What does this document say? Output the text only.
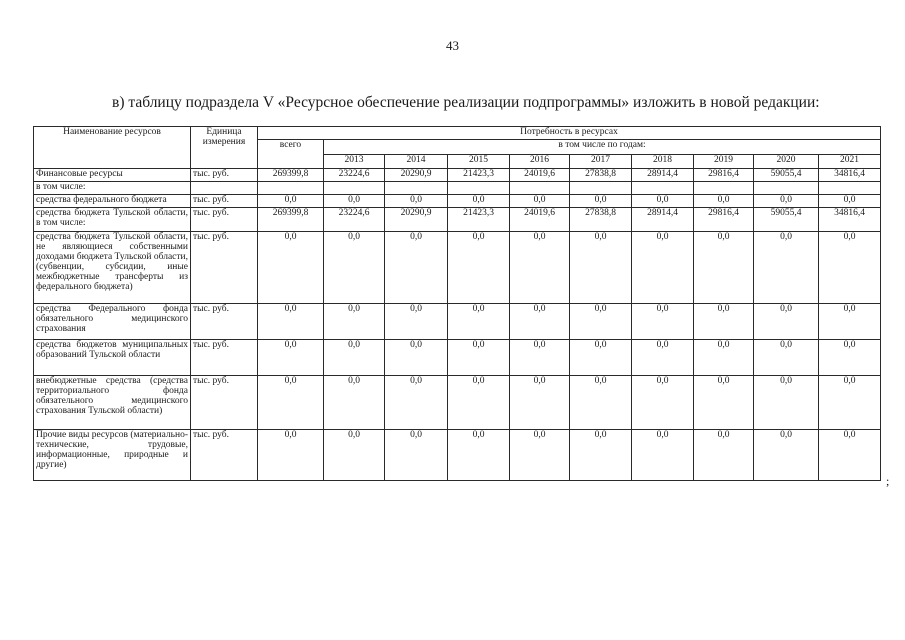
43
в) таблицу подраздела V «Ресурсное обеспечение реализации подпрограммы» изложить в новой редакции:
Наименование ресурсов	Единица измерения	Потребность в ресурсах									
		всего	в том числе по годам:								
			2013	2014	2015	2016	2017	2018	2019	2020	2021
Финансовые ресурсы	тыс. руб.	269399,8	23224,6	20290,9	21423,3	24019,6	27838,8	28914,4	29816,4	59055,4	34816,4
в том числе:											
средства федерального бюджета	тыс. руб.	0,0	0,0	0,0	0,0	0,0	0,0	0,0	0,0	0,0	0,0
средства бюджета Тульской области, в том числе:	тыс. руб.	269399,8	23224,6	20290,9	21423,3	24019,6	27838,8	28914,4	29816,4	59055,4	34816,4
средства бюджета Тульской области, не являющиеся собственными доходами бюджета Тульской области, (субвенции, субсидии, иные межбюджетные трансферты из федерального бюджета)	тыс. руб.	0,0	0,0	0,0	0,0	0,0	0,0	0,0	0,0	0,0	0,0
средства Федерального фонда обязательного медицинского страхования	тыс. руб.	0,0	0,0	0,0	0,0	0,0	0,0	0,0	0,0	0,0	0,0
средства бюджетов муниципальных образований Тульской области	тыс. руб.	0,0	0,0	0,0	0,0	0,0	0,0	0,0	0,0	0,0	0,0
внебюджетные средства (средства территориального фонда обязательного медицинского страхования Тульской области)	тыс. руб.	0,0	0,0	0,0	0,0	0,0	0,0	0,0	0,0	0,0	0,0
Прочие виды ресурсов (материально-технические, трудовые, информационные, природные и другие)	тыс. руб.	0,0	0,0	0,0	0,0	0,0	0,0	0,0	0,0	0,0	0,0
;
